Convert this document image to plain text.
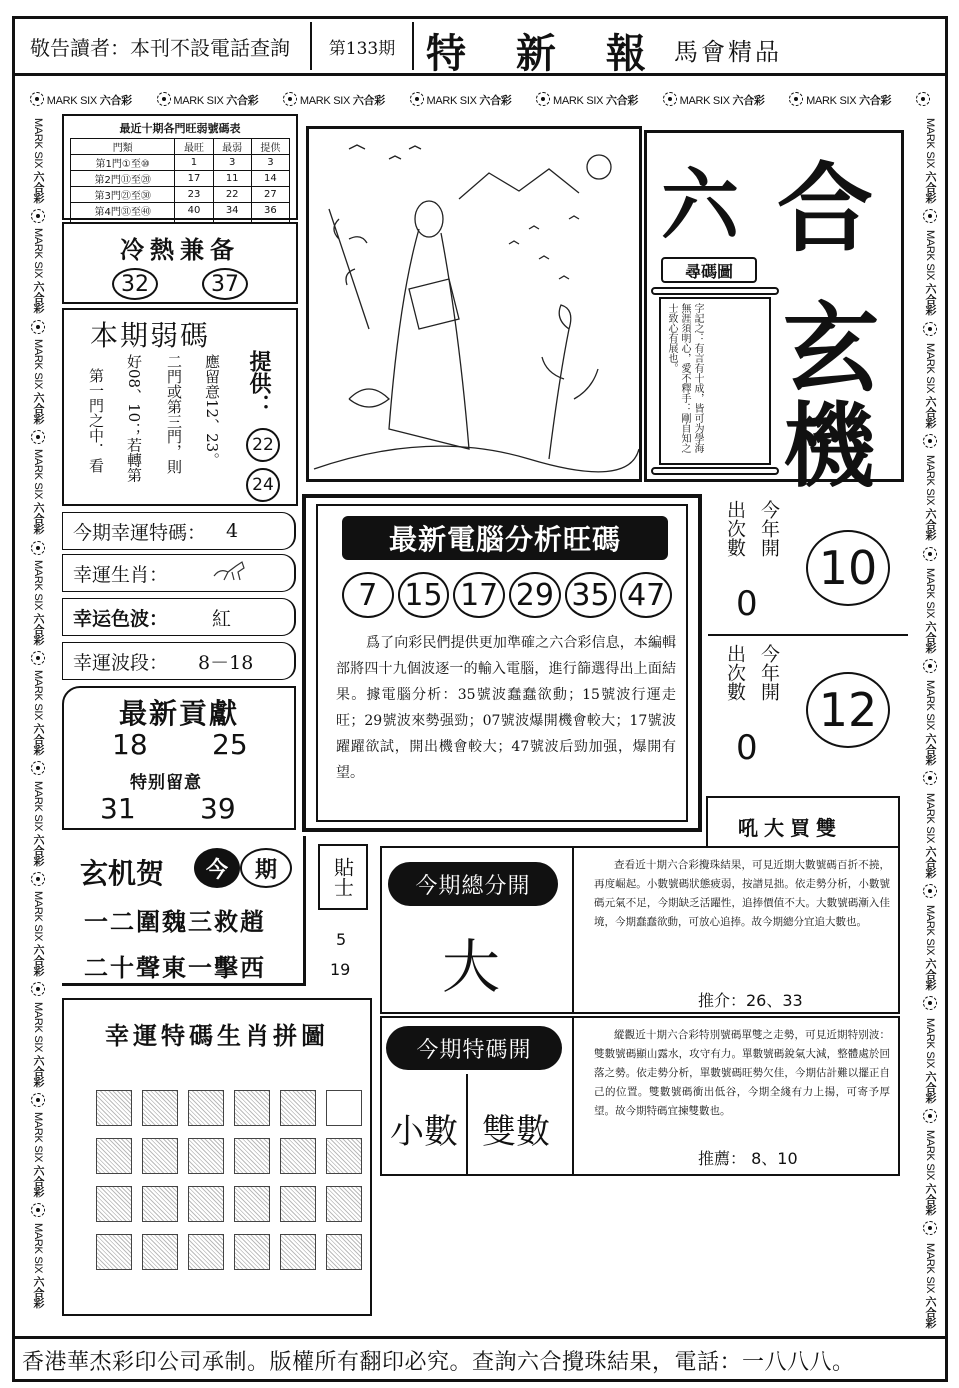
敬告讀者：本刊不設電話查詢 第133期 特 新 報 馬會精品
MARK SIX 六合彩	MARK SIX 六合彩	MARK SIX 六合彩	MARK SIX 六合彩	MARK SIX 六合彩	MARK SIX 六合彩	MARK SIX 六合彩
MARK SIX 六合彩
MARK SIX 六合彩
MARK SIX 六合彩
MARK SIX 六合彩
MARK SIX 六合彩
MARK SIX 六合彩
MARK SIX 六合彩
MARK SIX 六合彩
MARK SIX 六合彩
MARK SIX 六合彩
MARK SIX 六合彩
MARK SIX 六合彩
MARK SIX 六合彩
MARK SIX 六合彩
MARK SIX 六合彩
MARK SIX 六合彩
MARK SIX 六合彩
MARK SIX 六合彩
MARK SIX 六合彩
MARK SIX 六合彩
MARK SIX 六合彩
MARK SIX 六合彩
最近十期各門旺弱號碼表
門類	最旺	最弱	提供
第1門①至⑩	1	3	3
第2門⑪至⑳	17	11	14
第3門㉑至㉚	23	22	27
第4門㉛至㊵	40	34	36

冷熱兼备
32	37
本期弱碼
第一門之中．看 好08、10；若轉第 二門或第三門，則 應留意12、23。 提供：
22
24
今期幸運特碼： 4
幸運生肖：
幸运色波： 紅
幸運波段： 8－18
最新貢獻
18 25
特别留意
31 39
玄机贺 今 期
一二圍魏三救趙
二十聲東一擊西
貼士
5
19
幸運特碼生肖拼圖
六 合
玄
機
尋碼圖
字記之：有言有十成，皆可为學海無涯須明心，愛不釋手：剛自知之士致心有展也。
最新電腦分析旺碼
7 15 17 29 35 47
爲了向彩民們提供更加準確之六合彩信息，本編輯部將四十九個波逐一的輸入電腦，進行篩選得出上面結果。據電腦分析：35號波蠢蠢欲動；15號波行運走旺；29號波來勢强勁；07號波爆開機會較大；17號波躍躍欲試，開出機會較大；47號波后勁加强，爆開有望。
今年開
出次數
0
10
今年開
出次數
0
12
吼大買雙
今期總分開
大
查看近十期六合彩攪珠結果，可見近期大數號碼百折不撓，再度崛起。小數號碼狀態疲弱，按譜見拙。依走勢分析，小數號碼元氣不足，今期缺乏活躍性，追捧價值不大。大數號碼漸入佳境，今期蠢蠢欲動，可放心追捧。故今期總分宜追大數也。
推介：26、33
今期特碼開
小數 雙數
縱觀近十期六合彩特別號碼單雙之走勢，可見近期特别波：雙數號碼顯山露水，攻守有力。單數號碼銳氣大減，整體處於回落之勢。依走勢分析，單數號碼旺勢欠佳，今期估計難以擺正自己的位置。雙數號碼衝出低谷，今期全綫有力上揚，可寄予厚望。故今期特碼宜揀雙數也。
推薦： 8、10
香港華杰彩印公司承制。版權所有翻印必究。查詢六合攪珠結果，電話：一八八八。
